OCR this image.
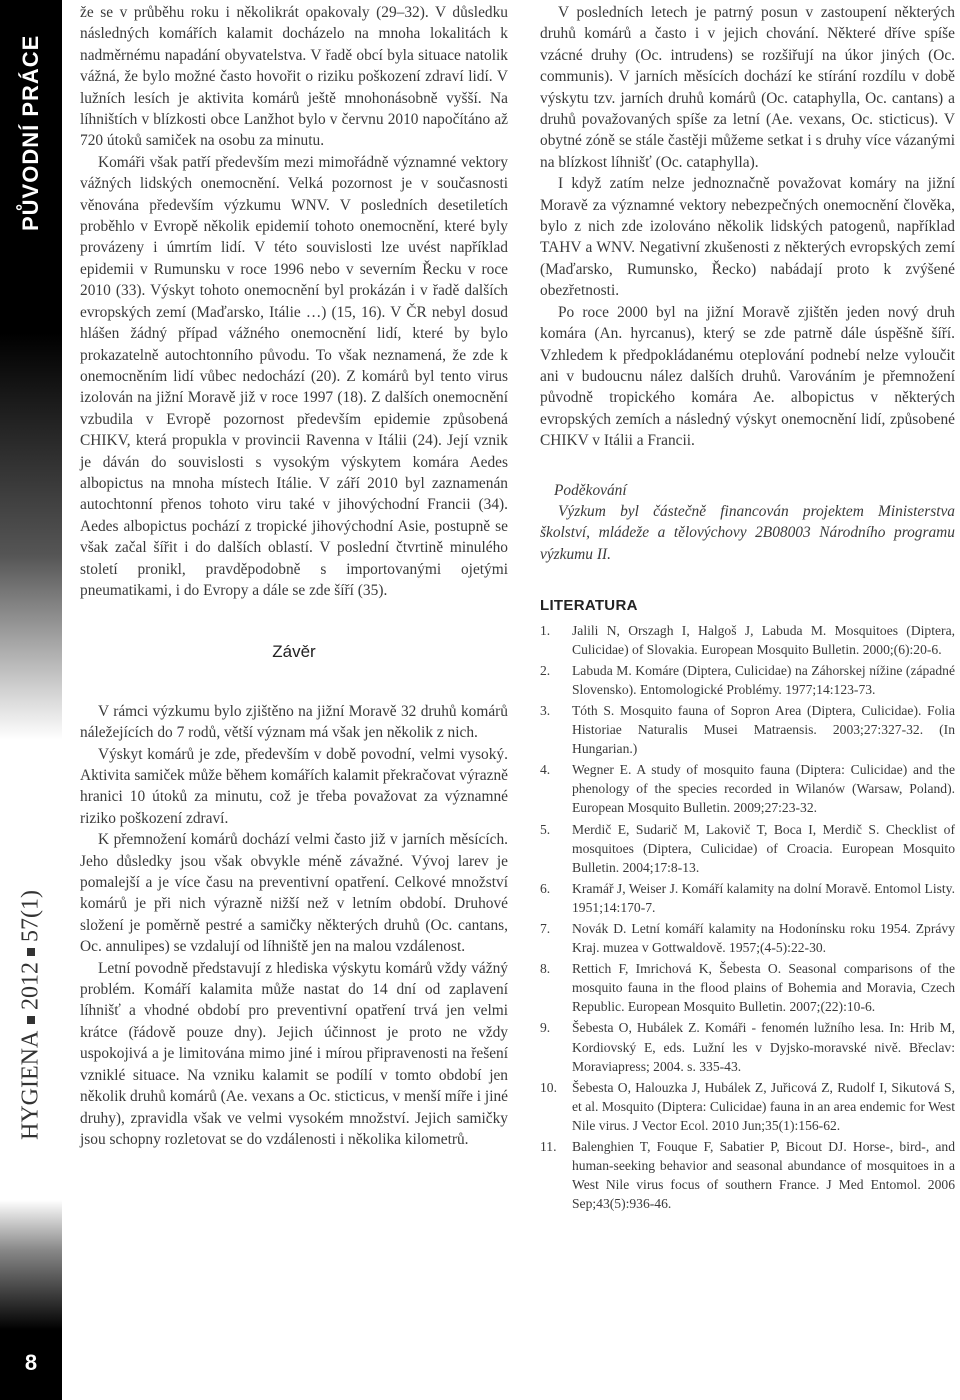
PŮVODNÍ PRÁCE
HYGIENA
2012
57(1)
8

že se v průběhu roku i několikrát opakovaly (29–32). V důsledku následných komářích kalamit docházelo na mnoha lokalitách k nadměrnému napadání obyvatelstva. V řadě obcí byla situace natolik vážná, že bylo možné často hovořit o riziku poškození zdraví lidí. V lužních lesích je aktivita komárů ještě mnohonásobně vyšší. Na líhništích v blízkosti obce Lanžhot bylo v červnu 2010 napočítáno až 720 útoků samiček na osobu za minutu.

Komáři však patří především mezi mimořádně významné vektory vážných lidských onemocnění. Velká pozornost je v současnosti věnována především výzkumu WNV. V posledních desetiletích proběhlo v Evropě několik epidemií tohoto onemocnění, které byly provázeny i úmrtím lidí. V této souvislosti lze uvést například epidemii v Rumunsku v roce 1996 nebo v severním Řecku v roce 2010 (33). Výskyt tohoto onemocnění byl prokázán i v řadě dalších evropských zemí (Maďarsko, Itálie …) (15, 16). V ČR nebyl dosud hlášen žádný případ vážného onemocnění lidí, které by bylo prokazatelně autochtonního původu. To však neznamená, že zde k onemocněním lidí vůbec nedochází (20). Z komárů byl tento virus izolován na jižní Moravě již v roce 1997 (18). Z dalších onemocnění vzbudila v Evropě pozornost především epidemie způsobená CHIKV, která propukla v provincii Ravenna v Itálii (24). Její vznik je dáván do souvislosti s vysokým výskytem komára Aedes albopictus na mnoha místech Itálie. V září 2010 byl zaznamenán autochtonní přenos tohoto viru také v jihovýchodní Francii (34). Aedes albopictus pochází z tropické jihovýchodní Asie, postupně se však začal šířit i do dalších oblastí. V poslední čtvrtině minulého století pronikl, pravděpodobně s importovanými ojetými pneumatikami, i do Evropy a dále se zde šíří (35).

Závěr

V rámci výzkumu bylo zjištěno na jižní Moravě 32 druhů komárů náležejících do 7 rodů, větší význam má však jen několik z nich.

Výskyt komárů je zde, především v době povodní, velmi vysoký. Aktivita samiček může během komářích kalamit překračovat výrazně hranici 10 útoků za minutu, což je třeba považovat za významné riziko poškození zdraví.

K přemnožení komárů dochází velmi často již v jarních měsících. Jeho důsledky jsou však obvykle méně závažné. Vývoj larev je pomalejší a je více času na preventivní opatření. Celkové množství komárů je při nich výrazně nižší než v letním období. Druhové složení je poměrně pestré a samičky některých druhů (Oc. cantans, Oc. annulipes) se vzdalují od líhniště jen na malou vzdálenost.

Letní povodně představují z hlediska výskytu komárů vždy vážný problém. Komáří kalamita může nastat do 14 dní od zaplavení líhnišť a vhodné období pro preventivní opatření trvá jen velmi krátce (řádově pouze dny). Jejich účinnost je proto ne vždy uspokojivá a je limitována mimo jiné i mírou připravenosti na řešení vzniklé situace. Na vzniku kalamit se podílí v tomto období jen několik druhů komárů (Ae. vexans a Oc. sticticus, v menší míře i jiné druhy), zpravidla však ve velmi vysokém množství. Jejich samičky jsou schopny rozletovat se do vzdálenosti i několika kilometrů.

V posledních letech je patrný posun v zastoupení některých druhů komárů a často i v jejich chování. Některé dříve spíše vzácné druhy (Oc. intrudens) se rozšiřují na úkor jiných (Oc. communis). V jarních měsících dochází ke stírání rozdílu v době výskytu tzv. jarních druhů komárů (Oc. cataphylla, Oc. cantans) a druhů považovaných spíše za letní (Ae. vexans, Oc. sticticus). V obytné zóně se stále častěji můžeme setkat i s druhy více vázanými na blízkost líhnišť (Oc. cataphylla).

I když zatím nelze jednoznačně považovat komáry na jižní Moravě za významné vektory nebezpečných onemocnění člověka, bylo z nich zde izolováno několik lidských patogenů, například TAHV a WNV. Negativní zkušenosti z některých evropských zemí (Maďarsko, Rumunsko, Řecko) nabádají proto k zvýšené obezřetnosti.

Po roce 2000 byl na jižní Moravě zjištěn jeden nový druh komára (An. hyrcanus), který se zde patrně dále úspěšně šíří. Vzhledem k předpokládanému oteplování podnebí nelze vyloučit ani v budoucnu nález dalších druhů. Varováním je přemnožení původně tropického komára Ae. albopictus v některých evropských zemích a následný výskyt onemocnění lidí, způsobené CHIKV v Itálii a Francii.

Poděkování

Výzkum byl částečně financován projektem Ministerstva školství, mládeže a tělovýchovy 2B08003 Národního programu výzkumu II.

LITERATURA
1.	Jalili N, Orszagh I, Halgoš J, Labuda M. Mosquitoes (Diptera, Culicidae) of Slovakia. European Mosquito Bulletin. 2000;(6):20-6.
2.	Labuda M. Komáre (Diptera, Culicidae) na Záhorskej nížine (západné Slovensko). Entomologické Problémy. 1977;14:123-73.
3.	Tóth S. Mosquito fauna of Sopron Area (Diptera, Culicidae). Folia Historiae Naturalis Musei Matraensis. 2003;27:327-32. (In Hungarian.)
4.	Wegner E. A study of mosquito fauna (Diptera: Culicidae) and the phenology of the species recorded in Wilanów (Warsaw, Poland). European Mosquito Bulletin. 2009;27:23-32.
5.	Merdič E, Sudarič M, Lakovič T, Boca I, Merdič S. Checklist of mosquitoes (Diptera, Culicidae) of Croacia. European Mosquito Bulletin. 2004;17:8-13.
6.	Kramář J, Weiser J. Komáří kalamity na dolní Moravě. Entomol Listy. 1951;14:170-7.
7.	Novák D. Letní komáří kalamity na Hodonínsku roku 1954. Zprávy Kraj. muzea v Gottwaldově. 1957;(4-5):22-30.
8.	Rettich F, Imrichová K, Šebesta O. Seasonal comparisons of the mosquito fauna in the flood plains of Bohemia and Moravia, Czech Republic. European Mosquito Bulletin. 2007;(22):10-6.
9.	Šebesta O, Hubálek Z. Komáři - fenomén lužního lesa. In: Hrib M, Kordiovský E, eds. Lužní les v Dyjsko-moravské nivě. Břeclav: Moraviapress; 2004. s. 335-43.
10.	Šebesta O, Halouzka J, Hubálek Z, Juřicová Z, Rudolf I, Sikutová S, et al. Mosquito (Diptera: Culicidae) fauna in an area endemic for West Nile virus. J Vector Ecol. 2010 Jun;35(1):156-62.
11.	Balenghien T, Fouque F, Sabatier P, Bicout DJ. Horse-, bird-, and human-seeking behavior and seasonal abundance of mosquitoes in a West Nile virus focus of southern France. J Med Entomol. 2006 Sep;43(5):936-46.
